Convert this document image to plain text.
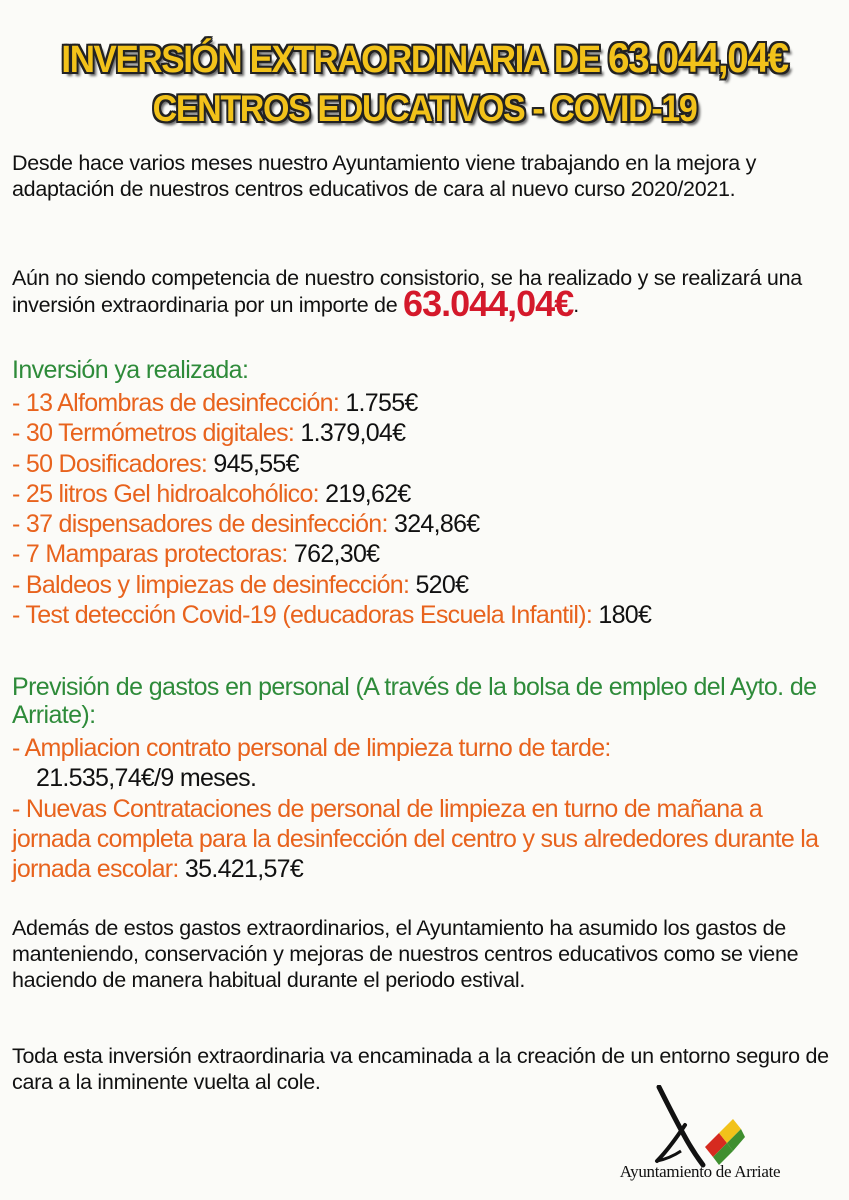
INVERSIÓN EXTRAORDINARIA DE 63.044,04€
CENTROS EDUCATIVOS - COVID-19
Desde hace varios meses nuestro Ayuntamiento viene trabajando en la mejora y adaptación de nuestros centros educativos de cara al nuevo curso 2020/2021.
Aún no siendo competencia de nuestro consistorio, se ha realizado y se realizará una inversión extraordinaria por un importe de 63.044,04€.
Inversión ya realizada:
- 13 Alfombras de desinfección: 1.755€
- 30 Termómetros digitales: 1.379,04€
- 50 Dosificadores: 945,55€
- 25 litros Gel hidroalcohólico: 219,62€
- 37 dispensadores de desinfección: 324,86€
- 7 Mamparas protectoras: 762,30€
- Baldeos y limpiezas de desinfección: 520€
- Test detección Covid-19 (educadoras Escuela Infantil): 180€
Previsión de gastos en personal (A través de la bolsa de empleo del Ayto. de Arriate):
- Ampliacion contrato personal de limpieza turno de tarde:
21.535,74€/9 meses.
- Nuevas Contrataciones de personal de limpieza en turno de mañana a jornada completa para la desinfección del centro y sus alrededores durante la jornada escolar: 35.421,57€
Además de estos gastos extraordinarios, el Ayuntamiento ha asumido los gastos de manteniendo, conservación y mejoras de nuestros centros educativos como se viene haciendo de manera habitual durante el periodo estival.
Toda esta inversión extraordinaria va encaminada a la creación de un entorno seguro de cara a la inminente vuelta al cole.
Ayuntamiento de Arriate
